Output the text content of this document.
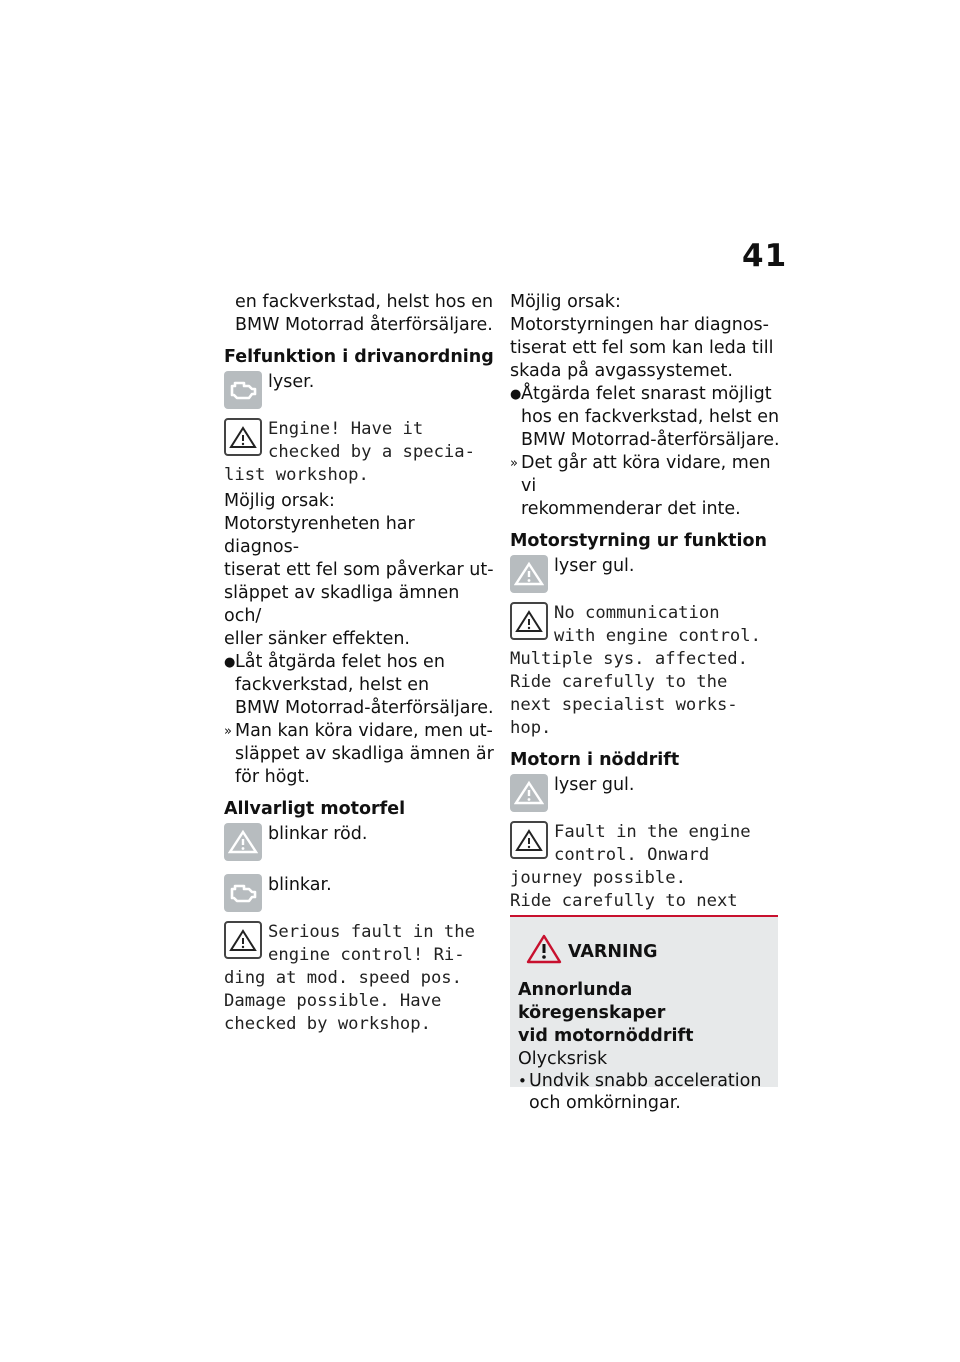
41
en fackverkstad, helst hos en
BMW Motorrad återförsäljare.
Felfunktion i drivanordning
lyser.
Engine! Have it
checked by a specia-
list workshop.
Möjlig orsak:
Motorstyrenheten har diagnos-
tiserat ett fel som påverkar ut-
släppet av skadliga ämnen och/
eller sänker effekten.
● Låt åtgärda felet hos en
fackverkstad, helst en
BMW Motorrad-återförsäljare.
» Man kan köra vidare, men ut-
släppet av skadliga ämnen är
för högt.
Allvarligt motorfel
blinkar röd.
blinkar.
Serious fault in the
engine control! Ri-
ding at mod. speed pos.
Damage possible. Have
checked by workshop.
Möjlig orsak:
Motorstyrningen har diagnos-
tiserat ett fel som kan leda till
skada på avgassystemet.
● Åtgärda felet snarast möjligt
hos en fackverkstad, helst en
BMW Motorrad-återförsäljare.
» Det går att köra vidare, men vi
rekommenderar det inte.
Motorstyrning ur funktion
lyser gul.
No communication
with engine control.
Multiple sys. affected.
Ride carefully to the
next specialist works-
hop.
Motorn i nöddrift
lyser gul.
Fault in the engine
control. Onward
journey possible.
Ride carefully to next
VARNING
Annorlunda köregenskaper
vid motornöddrift
Olycksrisk
• Undvik snabb acceleration
och omkörningar.
